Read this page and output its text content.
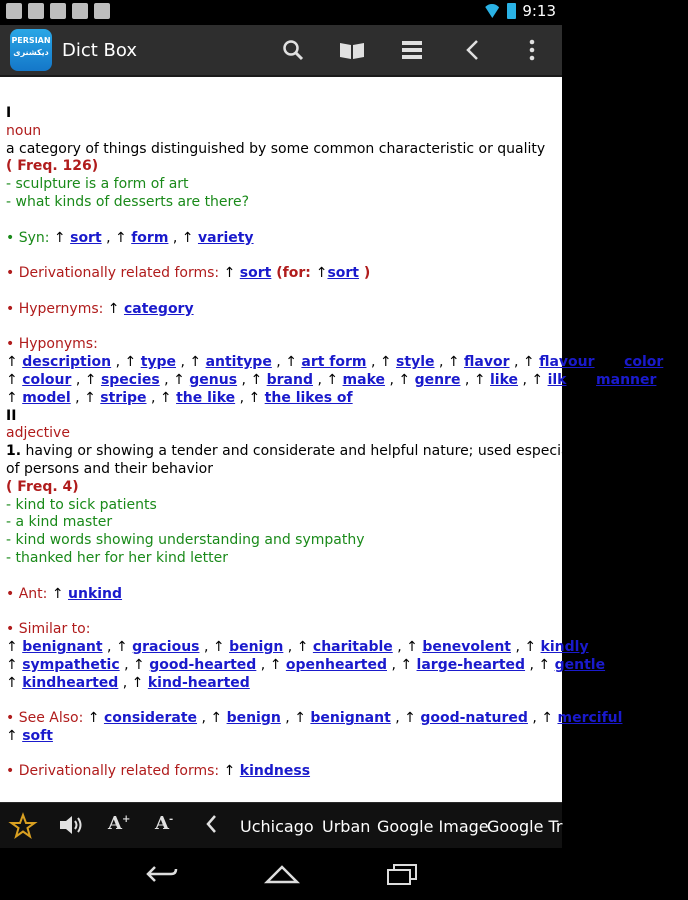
9:13
PERSIAN
دیکشنری Dict Box
I
noun
a category of things distinguished by some common characteristic or quality
( Freq. 126)
- sculpture is a form of art
- what kinds of desserts are there?
• Syn: ↑ sort , ↑ form , ↑ variety
• Derivationally related forms: ↑ sort (for: ↑sort )
• Hypernyms: ↑ category
• Hyponyms:
↑ description , ↑ type , ↑ antitype , ↑ art form , ↑ style , ↑ flavor , ↑ flavour , ↑ color , ↑
↑ colour , ↑ species , ↑ genus , ↑ brand , ↑ make , ↑ genre , ↑ like , ↑ ilk , ↑ manner , ↑
↑ model , ↑ stripe , ↑ the like , ↑ the likes of
II
adjective
1. having or showing a tender and considerate and helpful nature; used especially
of persons and their behavior
( Freq. 4)
- kind to sick patients
- a kind master
- kind words showing understanding and sympathy
- thanked her for her kind letter
• Ant: ↑ unkind
• Similar to:
↑ benignant , ↑ gracious , ↑ benign , ↑ charitable , ↑ benevolent , ↑ kindly , ↑
↑ sympathetic , ↑ good-hearted , ↑ openhearted , ↑ large-hearted , ↑ gentle , ↑
↑ kindhearted , ↑ kind-hearted
• See Also: ↑ considerate , ↑ benign , ↑ benignant , ↑ good-natured , ↑ merciful , ↑
↑ soft
• Derivationally related forms: ↑ kindness
A+ A-	Uchicago Urban Google Image
Google Tr
